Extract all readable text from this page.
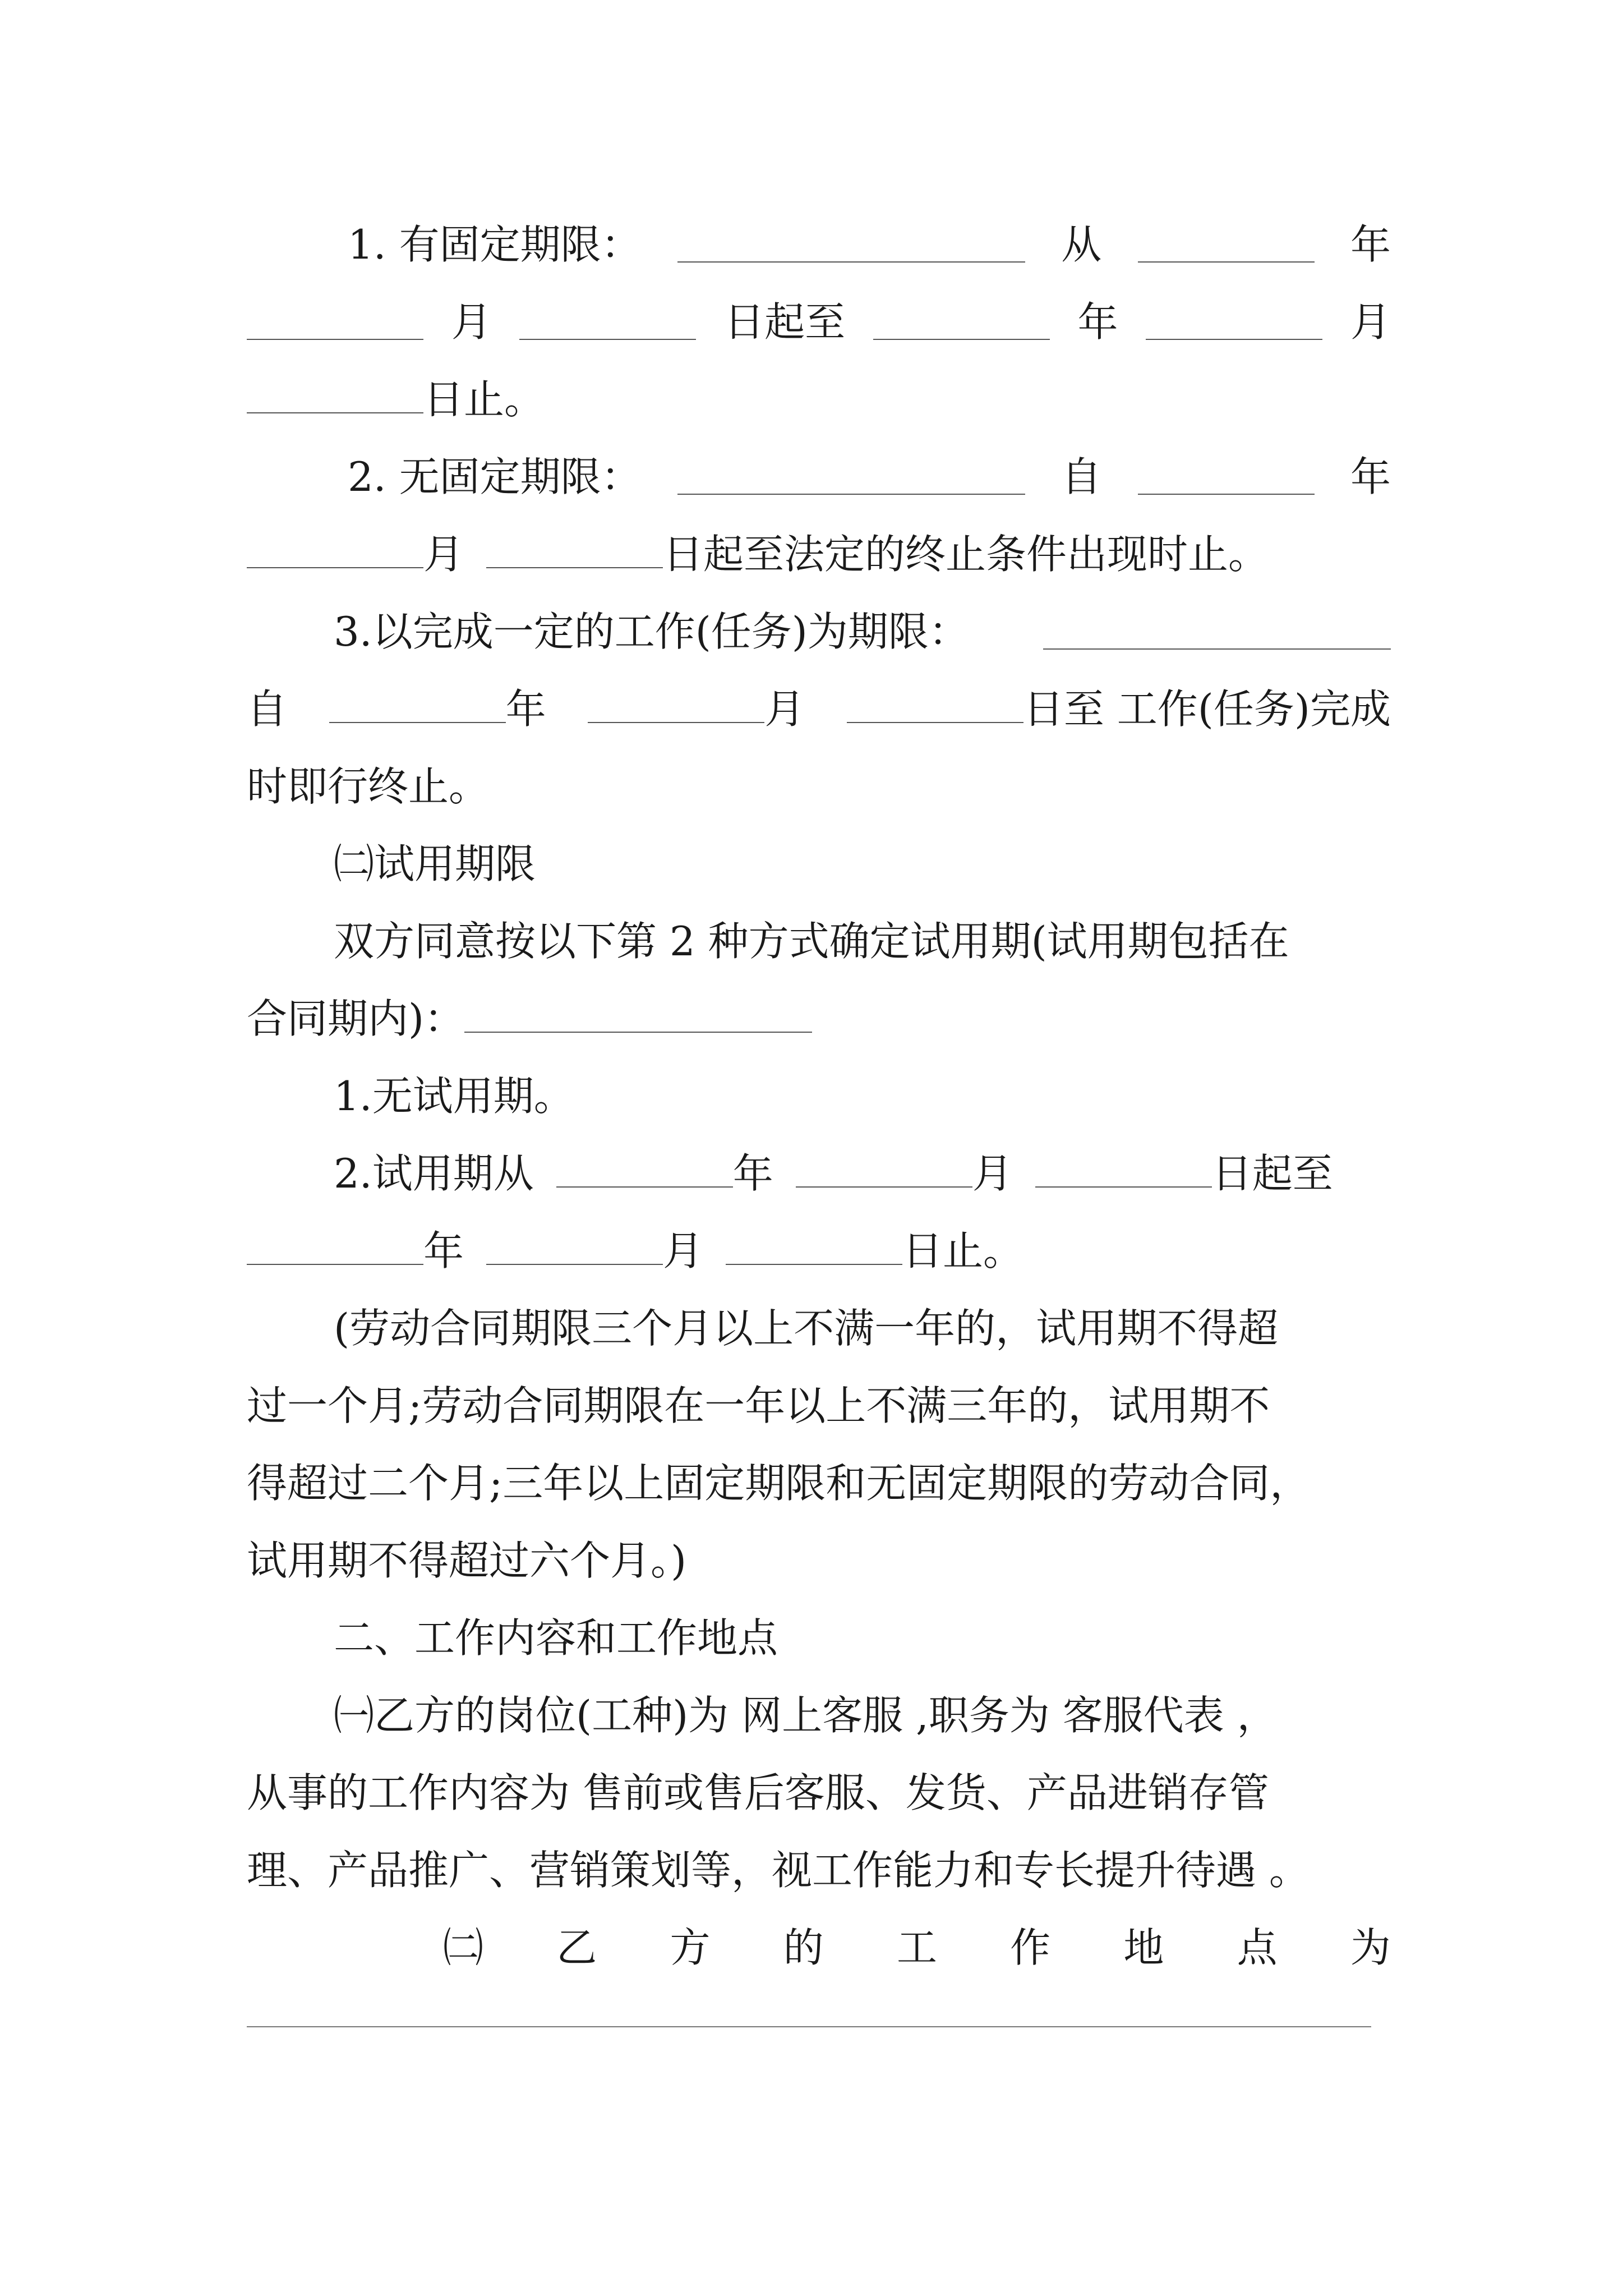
1. 有固定期限：	从	年
月	日起至	年	月
日止。
2. 无固定期限：	自	年
月	日起至法定的终止条件出现时止。
3.以完成一定的工作(任务)为期限：
自	年	月	日至 工作(任务)完成
时即行终止。
㈡试用期限
双方同意按以下第 2 种方式确定试用期(试用期包括在
合同期内)：
1.无试用期。
2.试用期从	年	月	日起至
年	月	日止。
(劳动合同期限三个月以上不满一年的，试用期不得超
过一个月;劳动合同期限在一年以上不满三年的，试用期不
得超过二个月;三年以上固定期限和无固定期限的劳动合同，
试用期不得超过六个月。)
二、工作内容和工作地点
㈠乙方的岗位(工种)为 网上客服 ,职务为 客服代表 ，
从事的工作内容为 售前或售后客服、发货、产品进销存管
理、产品推广、营销策划等，视工作能力和专长提升待遇 。
㈡ 乙 方 的 工 作 地 点 为
